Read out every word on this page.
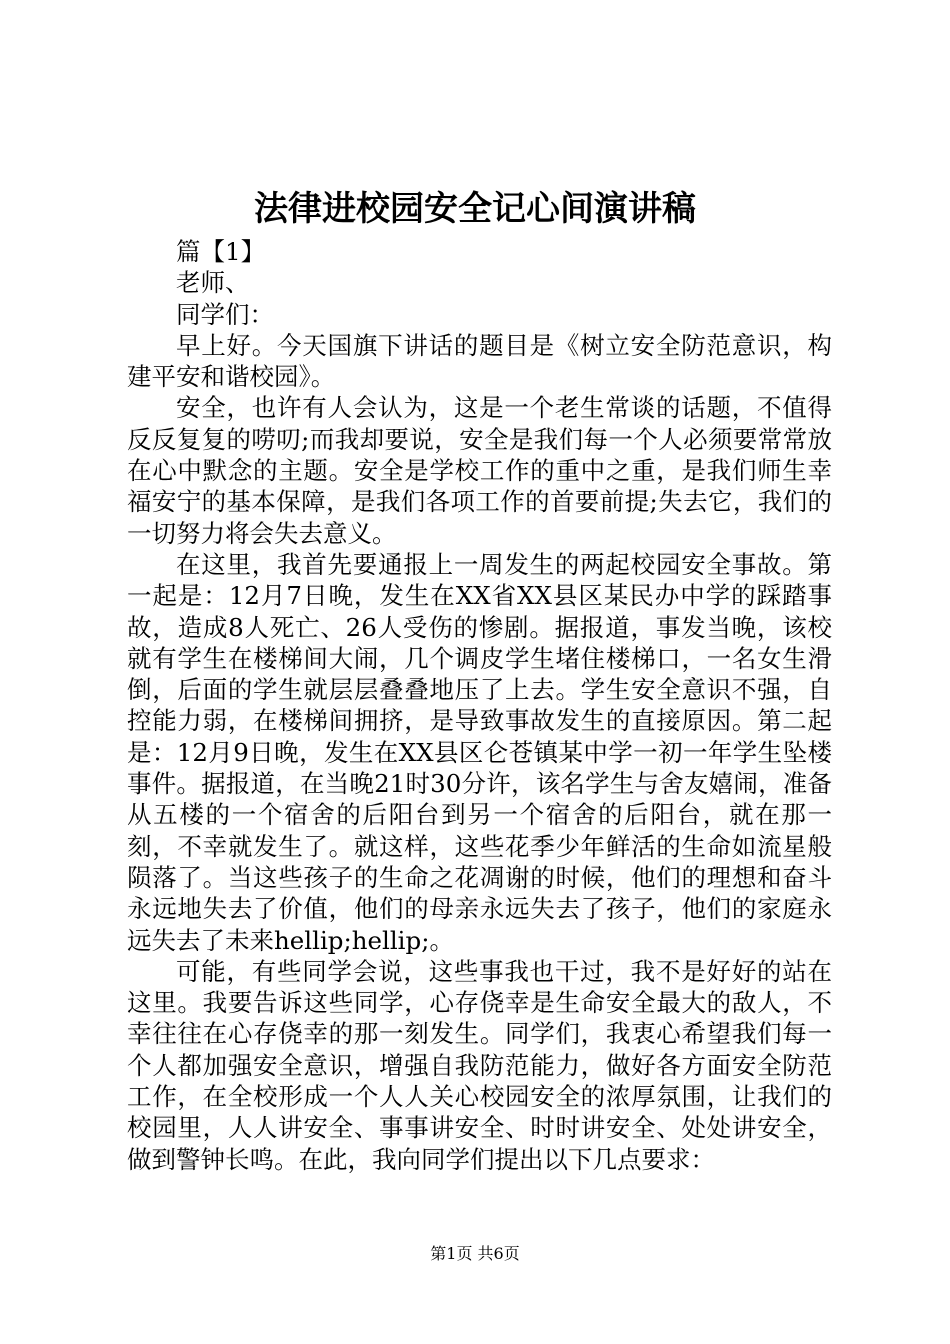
法律进校园安全记心间演讲稿

篇【1】

老师、

同学们：

早上好。今天国旗下讲话的题目是《树立安全防范意识，构建平安和谐校园》。

安全，也许有人会认为，这是一个老生常谈的话题，不值得反反复复的唠叨;而我却要说，安全是我们每一个人必须要常常放在心中默念的主题。安全是学校工作的重中之重，是我们师生幸福安宁的基本保障，是我们各项工作的首要前提;失去它，我们的一切努力将会失去意义。

在这里，我首先要通报上一周发生的两起校园安全事故。第一起是：12月7日晚，发生在XX省XX县区某民办中学的踩踏事故，造成8人死亡、26人受伤的惨剧。据报道，事发当晚，该校就有学生在楼梯间大闹，几个调皮学生堵住楼梯口，一名女生滑倒，后面的学生就层层叠叠地压了上去。学生安全意识不强，自控能力弱，在楼梯间拥挤，是导致事故发生的直接原因。第二起是：12月9日晚，发生在XX县区仑苍镇某中学一初一年学生坠楼事件。据报道，在当晚21时30分许，该名学生与舍友嬉闹，准备从五楼的一个宿舍的后阳台到另一个宿舍的后阳台，就在那一刻，不幸就发生了。就这样，这些花季少年鲜活的生命如流星般陨落了。当这些孩子的生命之花凋谢的时候，他们的理想和奋斗永远地失去了价值，他们的母亲永远失去了孩子，他们的家庭永远失去了未来hellip;hellip;。

可能，有些同学会说，这些事我也干过，我不是好好的站在这里。我要告诉这些同学，心存侥幸是生命安全最大的敌人，不幸往往在心存侥幸的那一刻发生。同学们，我衷心希望我们每一个人都加强安全意识，增强自我防范能力，做好各方面安全防范工作，在全校形成一个人人关心校园安全的浓厚氛围，让我们的校园里，人人讲安全、事事讲安全、时时讲安全、处处讲安全，做到警钟长鸣。在此，我向同学们提出以下几点要求：

第1页 共6页
